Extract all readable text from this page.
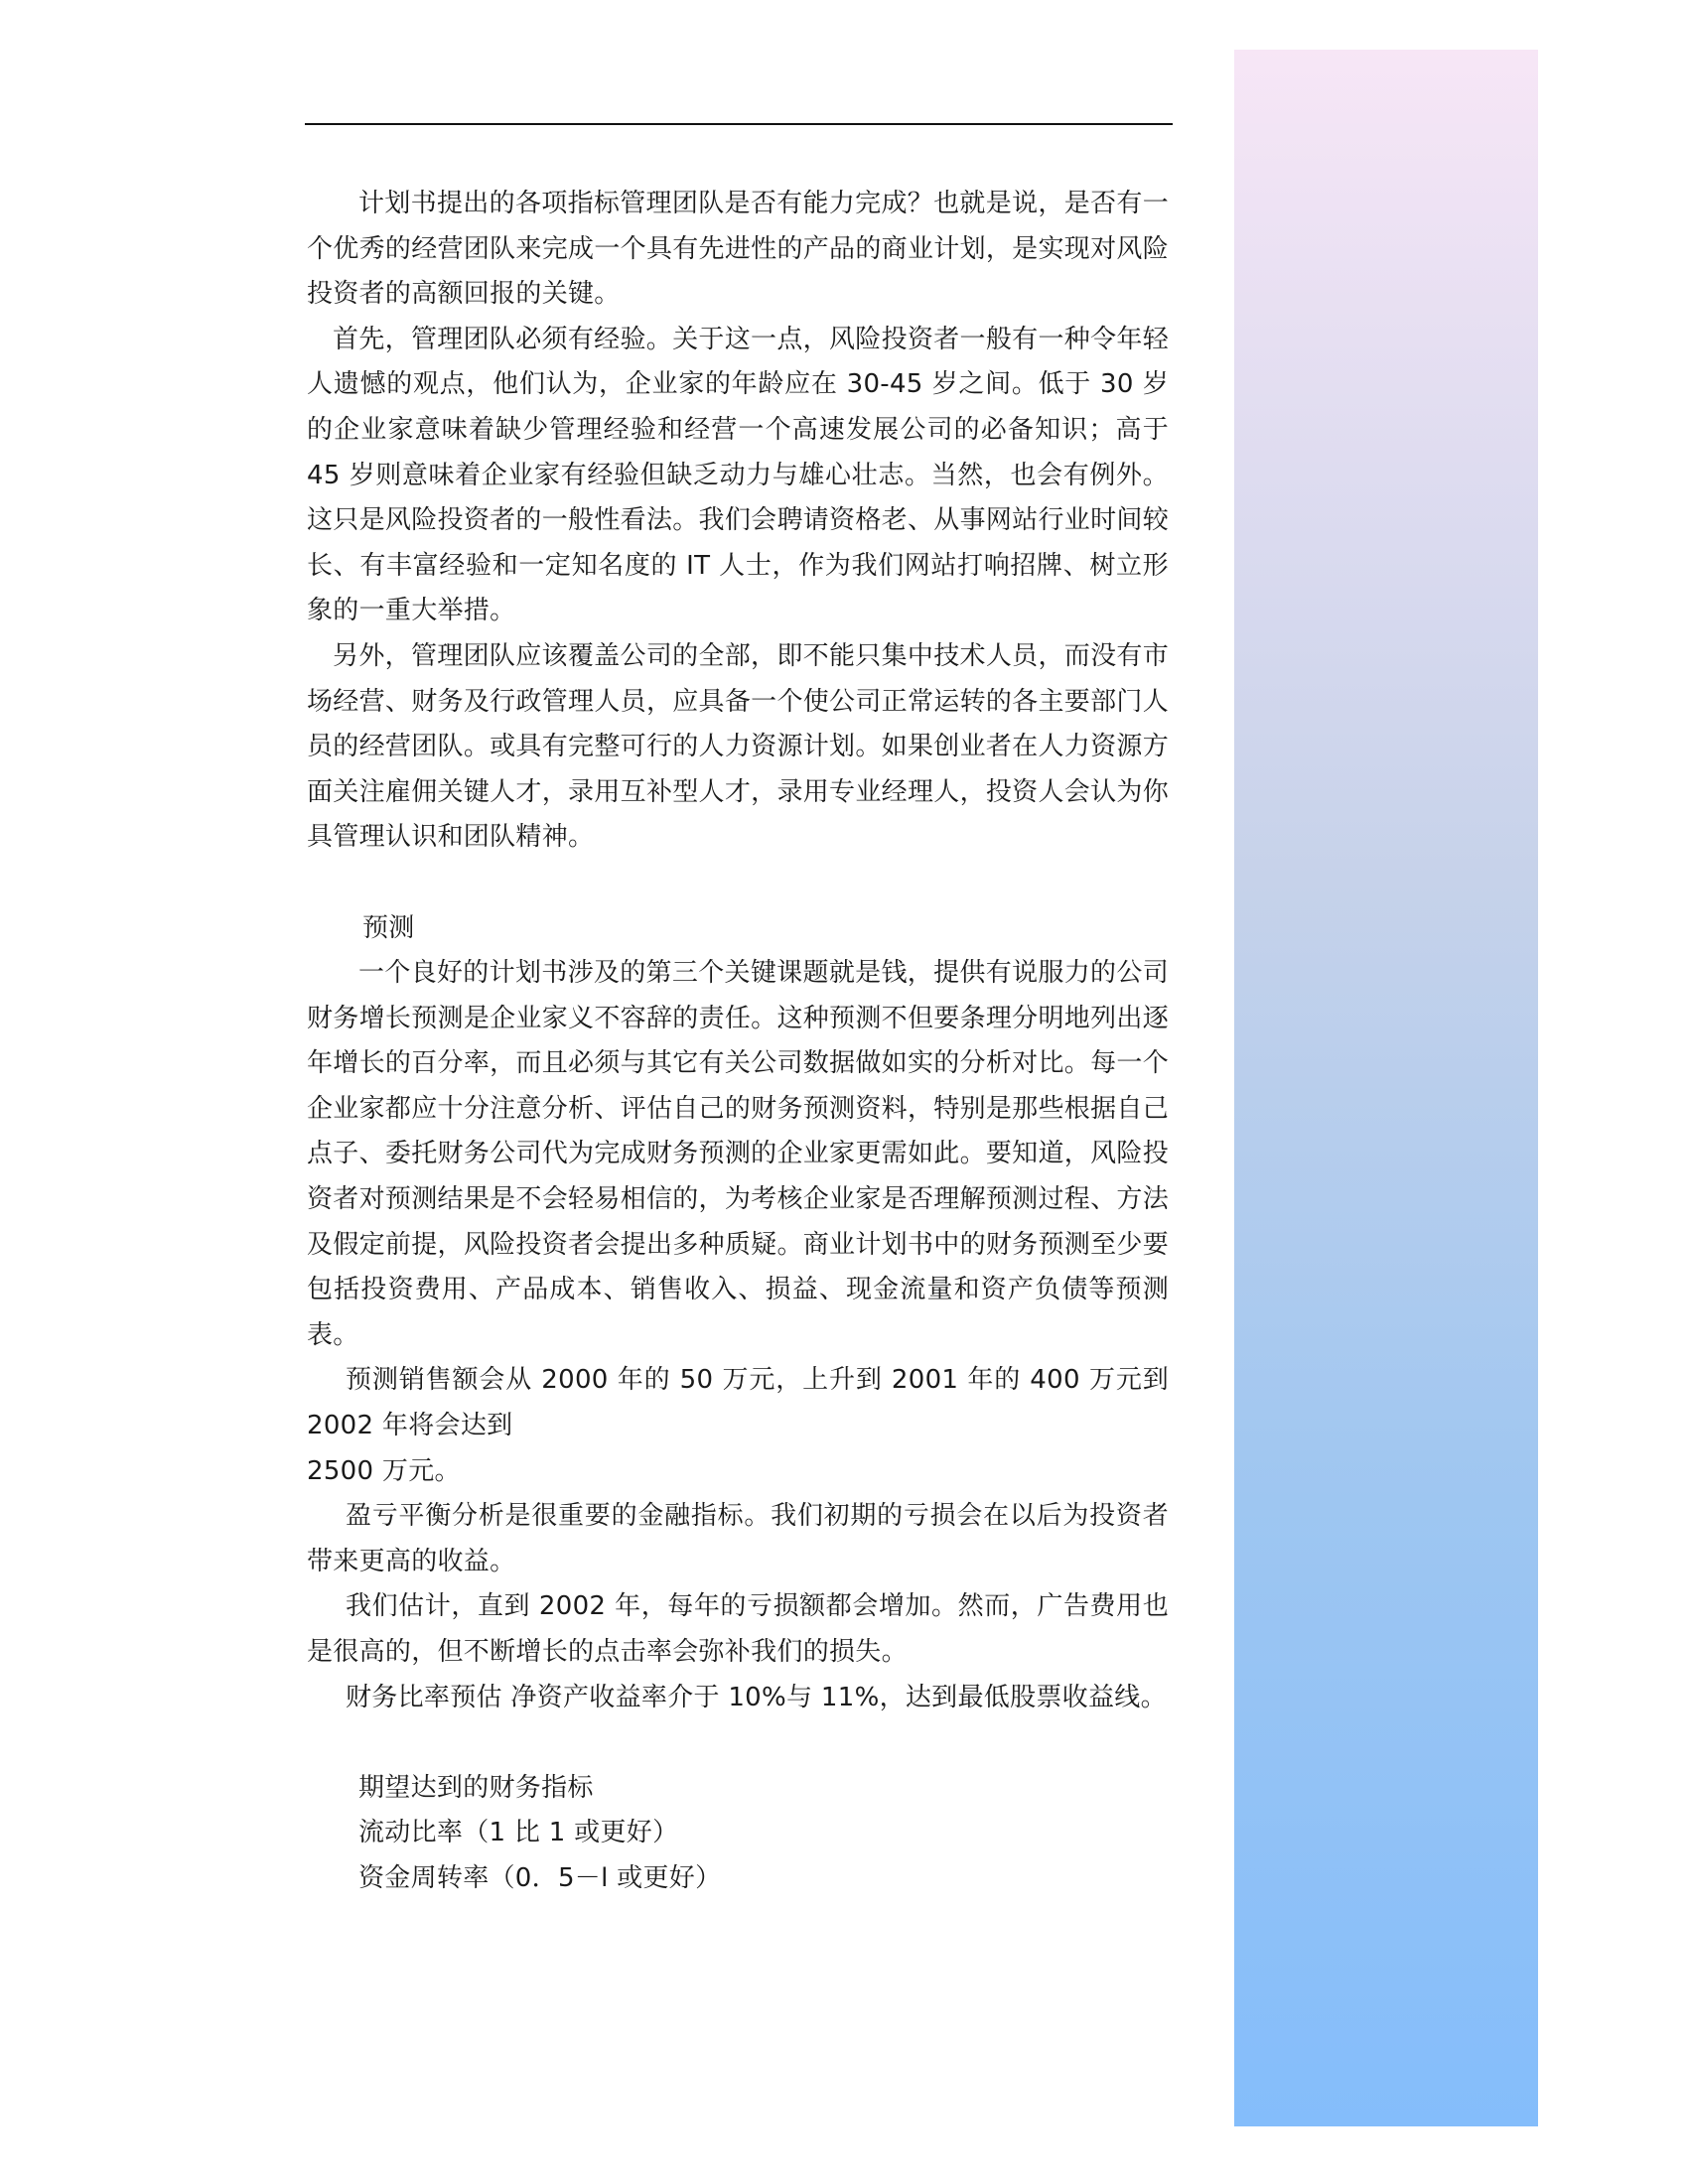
计划书提出的各项指标管理团队是否有能力完成？也就是说，是否有一个优秀的经营团队来完成一个具有先进性的产品的商业计划，是实现对风险投资者的高额回报的关键。

首先，管理团队必须有经验。关于这一点，风险投资者一般有一种令年轻人遗憾的观点，他们认为，企业家的年龄应在 30-45 岁之间。低于 30 岁的企业家意味着缺少管理经验和经营一个高速发展公司的必备知识；高于 45 岁则意味着企业家有经验但缺乏动力与雄心壮志。当然，也会有例外。这只是风险投资者的一般性看法。我们会聘请资格老、从事网站行业时间较长、有丰富经验和一定知名度的 IT 人士，作为我们网站打响招牌、树立形象的一重大举措。

另外，管理团队应该覆盖公司的全部，即不能只集中技术人员，而没有市场经营、财务及行政管理人员，应具备一个使公司正常运转的各主要部门人员的经营团队。或具有完整可行的人力资源计划。如果创业者在人力资源方面关注雇佣关键人才，录用互补型人才，录用专业经理人，投资人会认为你具管理认识和团队精神。

预测

一个良好的计划书涉及的第三个关键课题就是钱，提供有说服力的公司财务增长预测是企业家义不容辞的责任。这种预测不但要条理分明地列出逐年增长的百分率，而且必须与其它有关公司数据做如实的分析对比。每一个企业家都应十分注意分析、评估自己的财务预测资料，特别是那些根据自己点子、委托财务公司代为完成财务预测的企业家更需如此。要知道，风险投资者对预测结果是不会轻易相信的，为考核企业家是否理解预测过程、方法及假定前提，风险投资者会提出多种质疑。商业计划书中的财务预测至少要包括投资费用、产品成本、销售收入、损益、现金流量和资产负债等预测表。

预测销售额会从 2000 年的 50 万元，上升到 2001 年的 400 万元到 2002 年将会达到

2500 万元。

盈亏平衡分析是很重要的金融指标。我们初期的亏损会在以后为投资者带来更高的收益。

我们估计，直到 2002 年，每年的亏损额都会增加。然而，广告费用也是很高的，但不断增长的点击率会弥补我们的损失。

财务比率预估 净资产收益率介于 10%与 11%，达到最低股票收益线。

期望达到的财务指标

流动比率（1 比 1 或更好）

资金周转率（0．5－l 或更好）
